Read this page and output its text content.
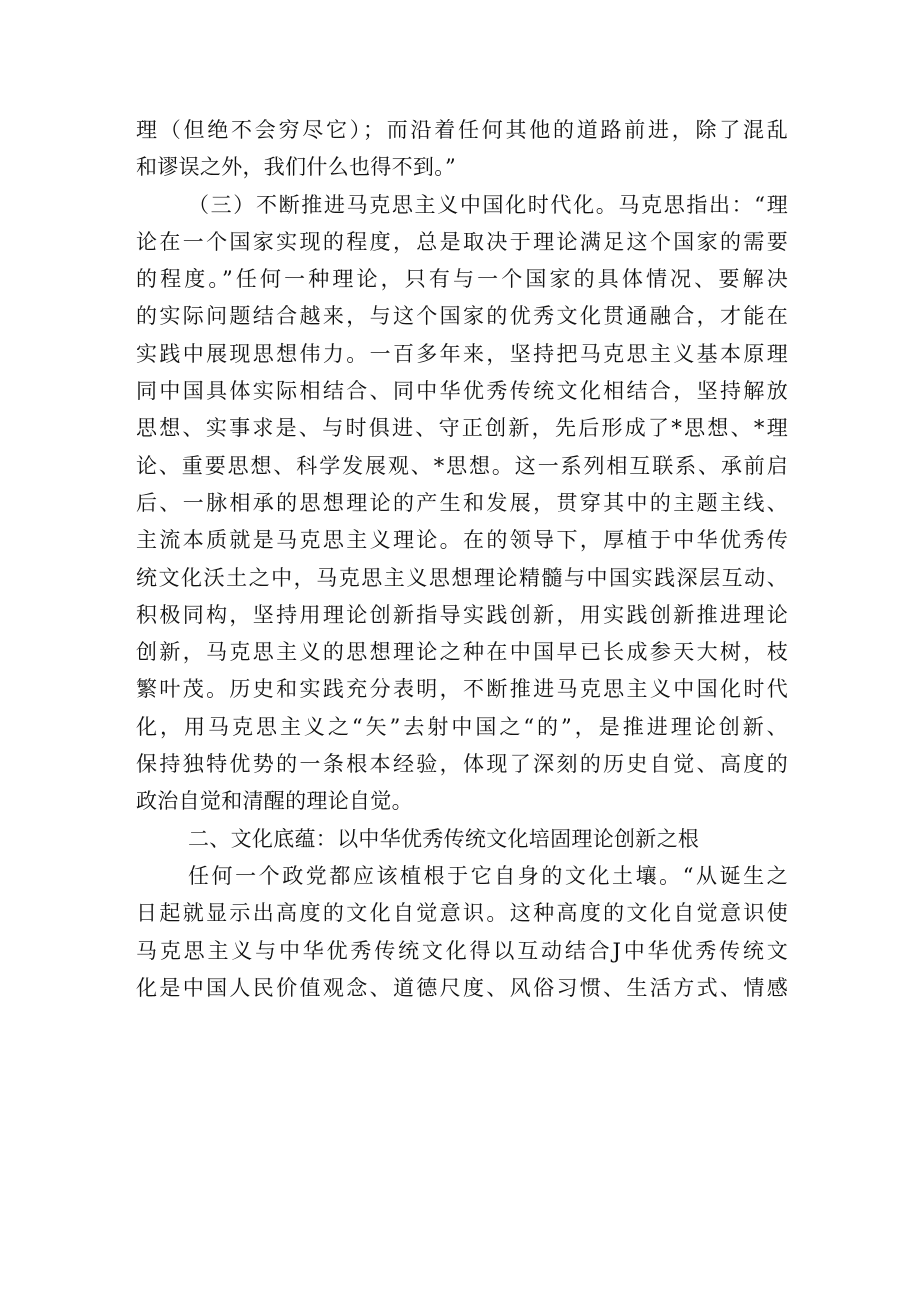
理（但绝不会穷尽它）；而沿着任何其他的道路前进，除了混乱
和谬误之外，我们什么也得不到。”
（三）不断推进马克思主义中国化时代化。马克思指出：“理
论在一个国家实现的程度，总是取决于理论满足这个国家的需要
的程度。”任何一种理论，只有与一个国家的具体情况、要解决
的实际问题结合越来，与这个国家的优秀文化贯通融合，才能在
实践中展现思想伟力。一百多年来，坚持把马克思主义基本原理
同中国具体实际相结合、同中华优秀传统文化相结合，坚持解放
思想、实事求是、与时俱进、守正创新，先后形成了*思想、*理
论、重要思想、科学发展观、*思想。这一系列相互联系、承前启
后、一脉相承的思想理论的产生和发展，贯穿其中的主题主线、
主流本质就是马克思主义理论。在的领导下，厚植于中华优秀传
统文化沃土之中，马克思主义思想理论精髓与中国实践深层互动、
积极同构，坚持用理论创新指导实践创新，用实践创新推进理论
创新，马克思主义的思想理论之种在中国早已长成参天大树，枝
繁叶茂。历史和实践充分表明，不断推进马克思主义中国化时代
化，用马克思主义之“矢”去射中国之“的”，是推进理论创新、
保持独特优势的一条根本经验，体现了深刻的历史自觉、高度的
政治自觉和清醒的理论自觉。
二、文化底蕴：以中华优秀传统文化培固理论创新之根
任何一个政党都应该植根于它自身的文化土壤。“从诞生之
日起就显示出高度的文化自觉意识。这种高度的文化自觉意识使
马克思主义与中华优秀传统文化得以互动结合J中华优秀传统文
化是中国人民价值观念、道德尺度、风俗习惯、生活方式、情感
